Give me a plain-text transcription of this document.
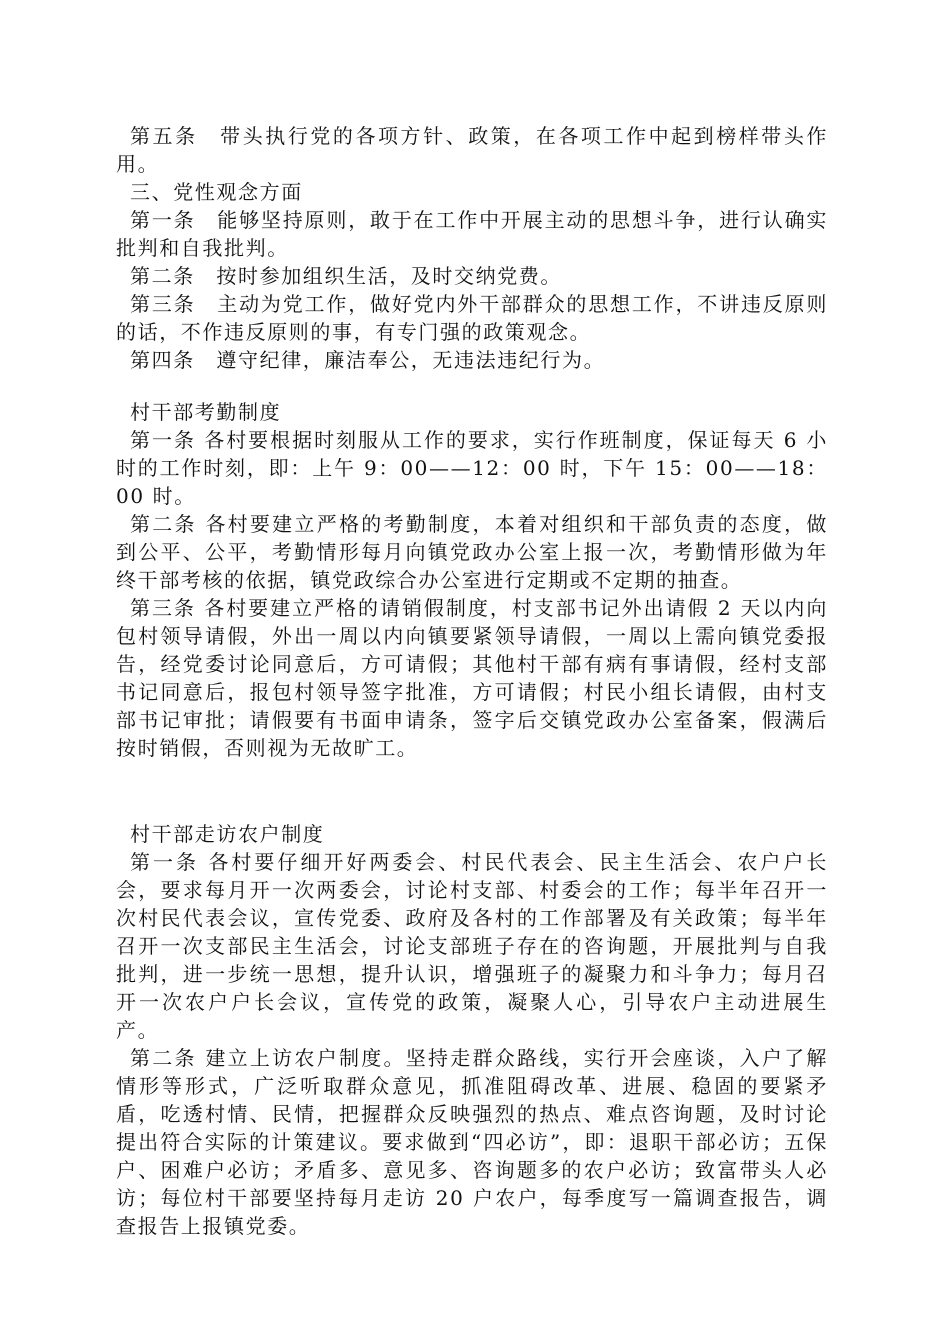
第五条　带头执行党的各项方针、政策，在各项工作中起到榜样带头作用。

三、党性观念方面

第一条　能够坚持原则，敢于在工作中开展主动的思想斗争，进行认确实批判和自我批判。

第二条　按时参加组织生活，及时交纳党费。

第三条　主动为党工作，做好党内外干部群众的思想工作，不讲违反原则的话，不作违反原则的事，有专门强的政策观念。

第四条　遵守纪律，廉洁奉公，无违法违纪行为。

村干部考勤制度

第一条 各村要根据时刻服从工作的要求，实行作班制度，保证每天 6 小时的工作时刻，即：上午 9：00——12：00 时，下午 15：00——18：00 时。

第二条 各村要建立严格的考勤制度，本着对组织和干部负责的态度，做到公平、公平，考勤情形每月向镇党政办公室上报一次，考勤情形做为年终干部考核的依据，镇党政综合办公室进行定期或不定期的抽查。

第三条 各村要建立严格的请销假制度，村支部书记外出请假 2 天以内向包村领导请假，外出一周以内向镇要紧领导请假，一周以上需向镇党委报告，经党委讨论同意后，方可请假；其他村干部有病有事请假，经村支部书记同意后，报包村领导签字批准，方可请假；村民小组长请假，由村支部书记审批；请假要有书面申请条，签字后交镇党政办公室备案，假满后按时销假，否则视为无故旷工。

村干部走访农户制度

第一条 各村要仔细开好两委会、村民代表会、民主生活会、农户户长会，要求每月开一次两委会，讨论村支部、村委会的工作；每半年召开一次村民代表会议，宣传党委、政府及各村的工作部署及有关政策；每半年召开一次支部民主生活会，讨论支部班子存在的咨询题，开展批判与自我批判，进一步统一思想，提升认识，增强班子的凝聚力和斗争力；每月召开一次农户户长会议，宣传党的政策，凝聚人心，引导农户主动进展生产。

第二条 建立上访农户制度。坚持走群众路线，实行开会座谈，入户了解情形等形式，广泛听取群众意见，抓准阻碍改革、进展、稳固的要紧矛盾，吃透村情、民情，把握群众反映强烈的热点、难点咨询题，及时讨论提出符合实际的计策建议。要求做到“四必访”，即：退职干部必访；五保户、困难户必访；矛盾多、意见多、咨询题多的农户必访；致富带头人必访；每位村干部要坚持每月走访 20 户农户，每季度写一篇调查报告，调查报告上报镇党委。
